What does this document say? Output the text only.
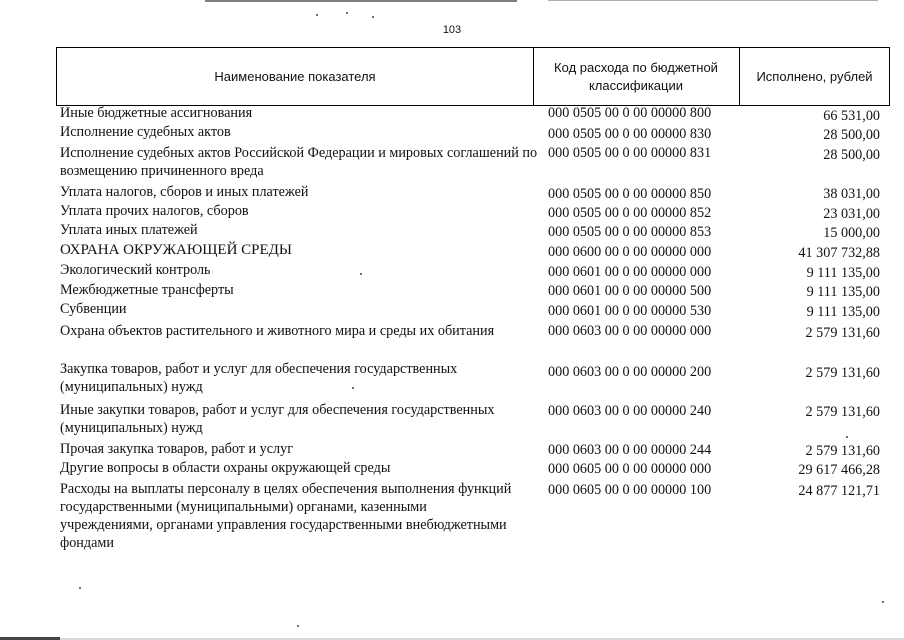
103
Наименование показателя
Код расхода по бюджетной классификации
Исполнено, рублей
Иные бюджетные ассигнования	000 0505 00 0 00 00000 800	66 531,00
Исполнение судебных актов	000 0505 00 0 00 00000 830	28 500,00
Исполнение судебных актов Российской Федерации и мировых соглашений по возмещению причиненного вреда
000 0505 00 0 00 00000 831	28 500,00
Уплата налогов, сборов и иных платежей	000 0505 00 0 00 00000 850	38 031,00
Уплата прочих налогов, сборов	000 0505 00 0 00 00000 852	23 031,00
Уплата иных платежей	000 0505 00 0 00 00000 853	15 000,00
ОХРАНА ОКРУЖАЮЩЕЙ СРЕДЫ	000 0600 00 0 00 00000 000	41 307 732,88
Экологический контроль	000 0601 00 0 00 00000 000	9 111 135,00
Межбюджетные трансферты	000 0601 00 0 00 00000 500	9 111 135,00
Субвенции	000 0601 00 0 00 00000 530	9 111 135,00
Охрана объектов растительного и животного мира и среды их обитания	000 0603 00 0 00 00000 000	2 579 131,60
Закупка товаров, работ и услуг для обеспечения государственных (муниципальных) нужд
000 0603 00 0 00 00000 200	2 579 131,60
Иные закупки товаров, работ и услуг для обеспечения государственных (муниципальных) нужд
000 0603 00 0 00 00000 240	2 579 131,60
Прочая закупка товаров, работ и услуг	000 0603 00 0 00 00000 244	2 579 131,60
Другие вопросы в области охраны окружающей среды	000 0605 00 0 00 00000 000	29 617 466,28
Расходы на выплаты персоналу в целях обеспечения выполнения функций государственными (муниципальными) органами, казенными учреждениями, органами управления государственными внебюджетными фондами
000 0605 00 0 00 00000 100	24 877 121,71
